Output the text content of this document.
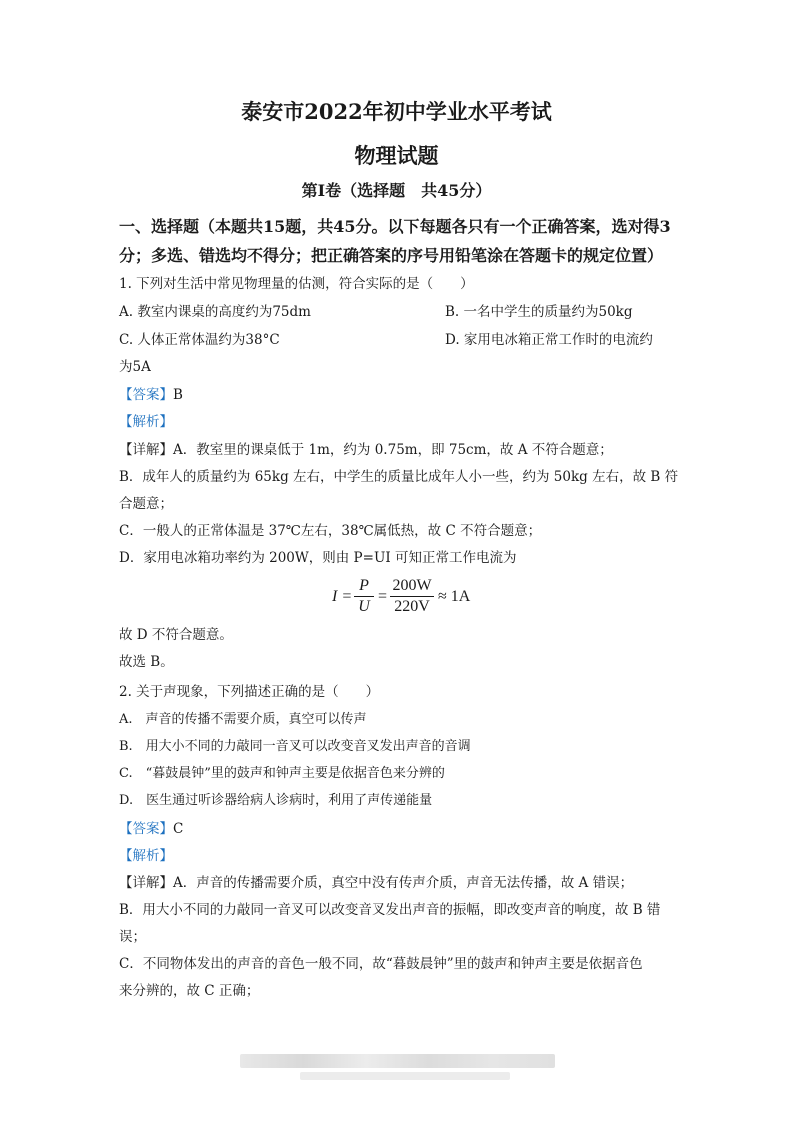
泰安市2022年初中学业水平考试
物理试题
第Ⅰ卷（选择题　共45分）
一、选择题（本题共15题，共45分。以下每题各只有一个正确答案，选对得3
分；多选、错选均不得分；把正确答案的序号用铅笔涂在答题卡的规定位置）
1. 下列对生活中常见物理量的估测，符合实际的是（　　）
A. 教室内课桌的高度约为75dm	B. 一名中学生的质量约为50kg
C. 人体正常体温约为38°C	D. 家用电冰箱正常工作时的电流约
为5A
【答案】B
【解析】
【详解】A．教室里的课桌低于 1m，约为 0.75m，即 75cm，故 A 不符合题意；
B．成年人的质量约为 65kg 左右，中学生的质量比成年人小一些，约为 50kg 左右，故 B 符
合题意；
C．一般人的正常体温是 37℃左右，38℃属低热，故 C 不符合题意；
D．家用电冰箱功率约为 200W，则由 P=UI 可知正常工作电流为
$I = \frac{P}{U} = \frac{200W}{220V} \approx 1A$
故 D 不符合题意。
故选 B。
2. 关于声现象，下列描述正确的是（　　）
A.　声音的传播不需要介质，真空可以传声
B.　用大小不同的力敲同一音叉可以改变音叉发出声音的音调
C.　“暮鼓晨钟”里的鼓声和钟声主要是依据音色来分辨的
D.　医生通过听诊器给病人诊病时，利用了声传递能量
【答案】C
【解析】
【详解】A．声音的传播需要介质，真空中没有传声介质，声音无法传播，故 A 错误；
B．用大小不同的力敲同一音叉可以改变音叉发出声音的振幅，即改变声音的响度，故 B 错
误；
C．不同物体发出的声音的音色一般不同，故“暮鼓晨钟”里的鼓声和钟声主要是依据音色
来分辨的，故 C 正确；
